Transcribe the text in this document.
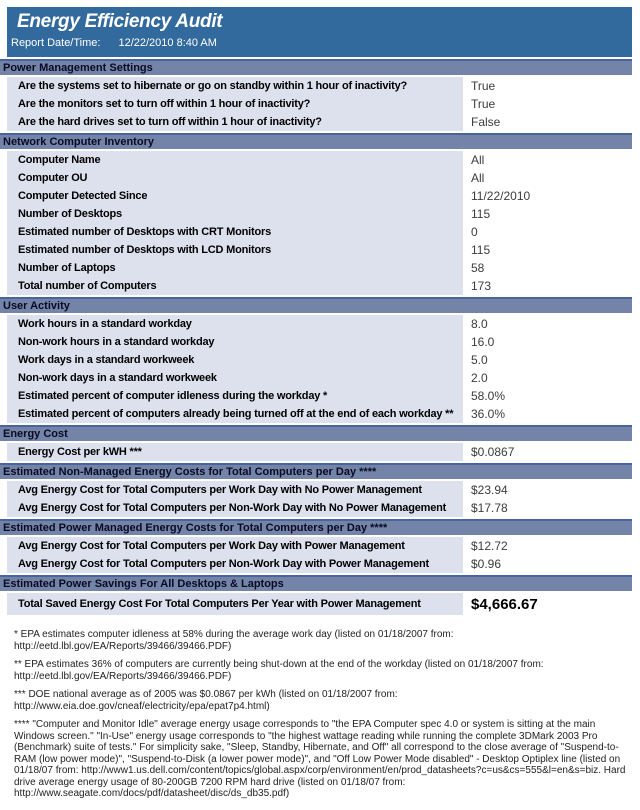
Energy Efficiency Audit
Report Date/Time: 12/22/2010 8:40 AM
Power Management Settings
Are the systems set to hibernate or go on standby within 1 hour of inactivity?	True
Are the monitors set to turn off within 1 hour of inactivity?	True
Are the hard drives set to turn off within 1 hour of inactivity?	False
Network Computer Inventory
Computer Name	All
Computer OU	All
Computer Detected Since	11/22/2010
Number of Desktops	115
Estimated number of Desktops with CRT Monitors	0
Estimated number of Desktops with LCD Monitors	115
Number of Laptops	58
Total number of Computers	173
User Activity
Work hours in a standard workday	8.0
Non-work hours in a standard workday	16.0
Work days in a standard workweek	5.0
Non-work days in a standard workweek	2.0
Estimated percent of computer idleness during the workday *	58.0%
Estimated percent of computers already being turned off at the end of each workday **	36.0%
Energy Cost
Energy Cost per kWH ***	$0.0867
Estimated Non-Managed Energy Costs for Total Computers per Day ****
Avg Energy Cost for Total Computers per Work Day with No Power Management	$23.94
Avg Energy Cost for Total Computers per Non-Work Day with No Power Management	$17.78
Estimated Power Managed Energy Costs for Total Computers per Day ****
Avg Energy Cost for Total Computers per Work Day with Power Management	$12.72
Avg Energy Cost for Total Computers per Non-Work Day with Power Management	$0.96
Estimated Power Savings For All Desktops & Laptops
Total Saved Energy Cost For Total Computers Per Year with Power Management	$4,666.67

* EPA estimates computer idleness at 58% during the average work day (listed on 01/18/2007 from: http://eetd.lbl.gov/EA/Reports/39466/39466.PDF)

** EPA estimates 36% of computers are currently being shut-down at the end of the workday (listed on 01/18/2007 from: http://eetd.lbl.gov/EA/Reports/39466/39466.PDF)

*** DOE national average as of 2005 was $0.0867 per kWh (listed on 01/18/2007 from: http://www.eia.doe.gov/cneaf/electricity/epa/epat7p4.html)

**** "Computer and Monitor Idle" average energy usage corresponds to "the EPA Computer spec 4.0 or system is sitting at the main Windows screen." "In-Use" energy usage corresponds to "the highest wattage reading while running the complete 3DMark 2003 Pro (Benchmark) suite of tests." For simplicity sake, "Sleep, Standby, Hibernate, and Off" all correspond to the close average of "Suspend-to-RAM (low power mode)", "Suspend-to-Disk (a lower power mode)", and "Off Low Power Mode disabled" - Desktop Optiplex line (listed on 01/18/07 from: http://www1.us.dell.com/content/topics/global.aspx/corp/environment/en/prod_datasheets?c=us&cs=555&l=en&s=biz. Hard drive average energy usage of 80-200GB 7200 RPM hard drive (listed on 01/18/07 from: http://www.seagate.com/docs/pdf/datasheet/disc/ds_db35.pdf)
